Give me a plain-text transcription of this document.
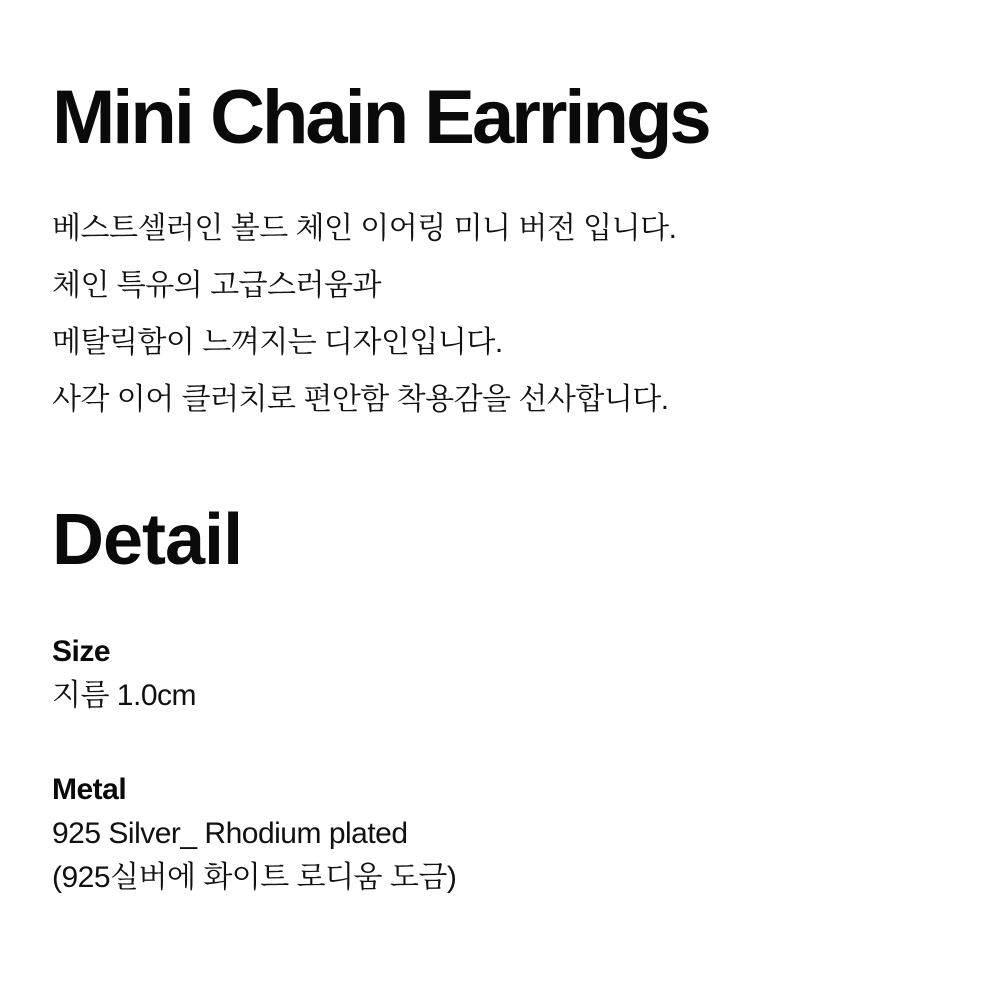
Mini Chain Earrings

베스트셀러인 볼드 체인 이어링 미니 버전 입니다.

체인 특유의 고급스러움과

메탈릭함이 느껴지는 디자인입니다.

사각 이어 클러치로 편안함 착용감을 선사합니다.

Detail
Size
지름 1.0cm
Metal
925 Silver_ Rhodium plated
(925실버에 화이트 로디움 도금)
